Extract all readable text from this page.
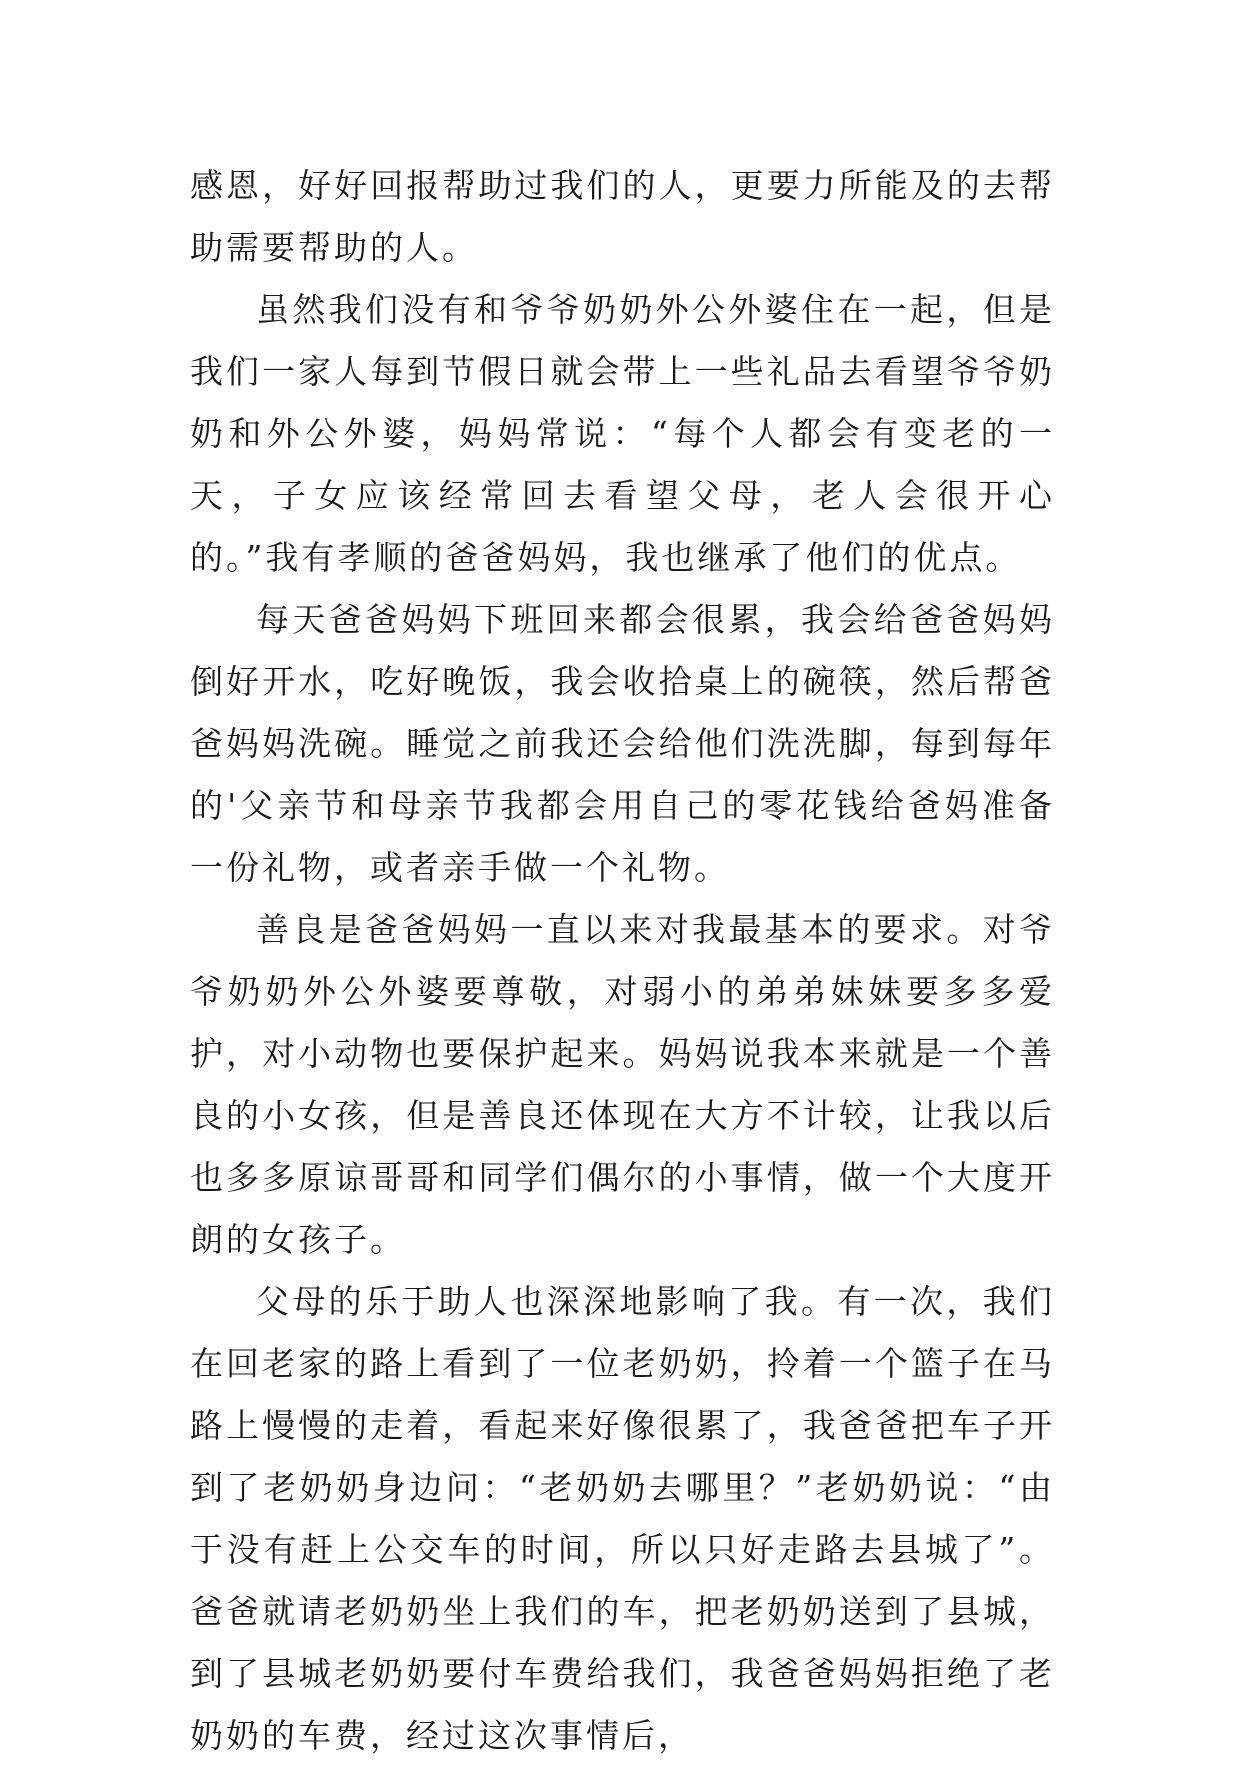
感恩，好好回报帮助过我们的人，更要力所能及的去帮助需要帮助的人。

虽然我们没有和爷爷奶奶外公外婆住在一起，但是我们一家人每到节假日就会带上一些礼品去看望爷爷奶奶和外公外婆，妈妈常说：“每个人都会有变老的一天，子女应该经常回去看望父母，老人会很开心的。”我有孝顺的爸爸妈妈，我也继承了他们的优点。

每天爸爸妈妈下班回来都会很累，我会给爸爸妈妈倒好开水，吃好晚饭，我会收拾桌上的碗筷，然后帮爸爸妈妈洗碗。睡觉之前我还会给他们洗洗脚，每到每年的'父亲节和母亲节我都会用自己的零花钱给爸妈准备一份礼物，或者亲手做一个礼物。

善良是爸爸妈妈一直以来对我最基本的要求。对爷爷奶奶外公外婆要尊敬，对弱小的弟弟妹妹要多多爱护，对小动物也要保护起来。妈妈说我本来就是一个善良的小女孩，但是善良还体现在大方不计较，让我以后也多多原谅哥哥和同学们偶尔的小事情，做一个大度开朗的女孩子。

父母的乐于助人也深深地影响了我。有一次，我们在回老家的路上看到了一位老奶奶，拎着一个篮子在马路上慢慢的走着，看起来好像很累了，我爸爸把车子开到了老奶奶身边问：“老奶奶去哪里？”老奶奶说：“由于没有赶上公交车的时间，所以只好走路去县城了”。爸爸就请老奶奶坐上我们的车，把老奶奶送到了县城，到了县城老奶奶要付车费给我们，我爸爸妈妈拒绝了老奶奶的车费，经过这次事情后，
